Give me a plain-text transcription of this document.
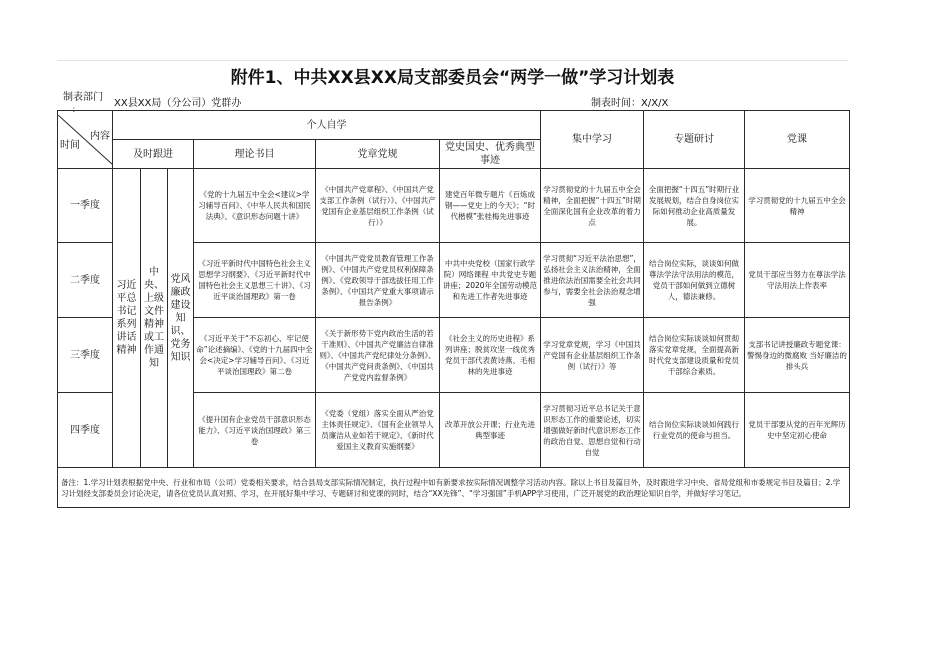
附件1、中共XX县XX局支部委员会“两学一做”学习计划表
制表部门
：
XX县XX局（分公司）党群办	制表时间：X/X/X
时间
内容	个人自学						集中学习	专题研讨	党课
	及时跟进			理论书目	党章党规	党史国史、优秀典型事迹			
一季度	习近平总书记系列讲话精神	中央、上级文件精神或工作通知	党风廉政建设知识、党务知识	《党的十九届五中全会<建议>学习辅导百问》、《中华人民共和国民法典》、《意识形态问题十讲》	《中国共产党章程》、《中国共产党支部工作条例（试行）》、《中国共产党国有企业基层组织工作条例（试行）》	建党百年微专题片《百炼成钢——党史上的今天》；“时代楷模”张桂梅先进事迹	学习贯彻党的十九届五中全会精神，全面把握“十四五”时期全面深化国有企业改革的着力点	全面把握“十四五”时期行业发展规划，结合自身岗位实际如何推动企业高质量发展。	学习贯彻党的十九届五中全会精神
二季度				《习近平新时代中国特色社会主义思想学习纲要》、《习近平新时代中国特色社会主义思想三十讲》、《习近平谈治国理政》第一卷	《中国共产党党员教育管理工作条例》、《中国共产党党员权利保障条例》、《党政领导干部选拔任用工作条例》、《中国共产党重大事项请示报告条例》	中共中央党校（国家行政学院）网络课程 中共党史专题讲座；2020年全国劳动模范和先进工作者先进事迹	学习贯彻“习近平法治思想”，弘扬社会主义法治精神，全面推进依法治国需要全社会共同参与，需要全社会法治观念增强	结合岗位实际，谈谈如何做尊法学法守法用法的模范，党员干部如何做到立德树人，德法兼修。	党员干部应当努力在尊法学法守法用法上作表率
三季度				《习近平关于“不忘初心、牢记使命”论述摘编》、《党的十九届四中全会<决定>学习辅导百问》、《习近平谈治国理政》第二卷	《关于新形势下党内政治生活的若干准则》、《中国共产党廉洁自律准则》、《中国共产党纪律处分条例》、《中国共产党问责条例》、《中国共产党党内监督条例》	《社会主义的历史进程》系列讲座；脱贫攻坚一线优秀党员干部代表黄诗燕、毛相林的先进事迹	学习党章党规，学习《中国共产党国有企业基层组织工作条例（试行）》等	结合岗位实际谈谈如何贯彻落实党章党规，全面提高新时代党支部建设质量和党员干部综合素质。	支部书记讲授廉政专题党课：警惕身边的微腐败 当好廉洁的排头兵
四季度				《提升国有企业党员干部意识形态能力》、《习近平谈治国理政》第三卷	《党委（党组）落实全面从严治党主体责任规定》、《国有企业领导人员廉洁从业如若干规定》、《新时代爱国主义教育实施纲要》	改革开放公开课；行业先进典型事迹	学习贯彻习近平总书记关于意识形态工作的重要论述，切实增强做好新时代意识形态工作的政治自觉、思想自觉和行动自觉	结合岗位实际谈谈如何践行行业党员的使命与担当。	党员干部要从党的百年光辉历史中坚定初心使命
备注：1.学习计划表根据党中央、行业和市局（公司）党委相关要求，结合县局支部实际情况制定，执行过程中如有新要求按实际情况调整学习活动内容。除以上书目及篇目外，及时跟进学习中央、省局党组和市委规定书目及篇目；2.学习计划经支部委员会讨论决定，请各位党员认真对照、学习，在开展好集中学习、专题研讨和党课的同时，结合“XX先锋”、“学习强国”手机APP学习使用，广泛开展党的政治理论知识自学，并做好学习笔记。									
